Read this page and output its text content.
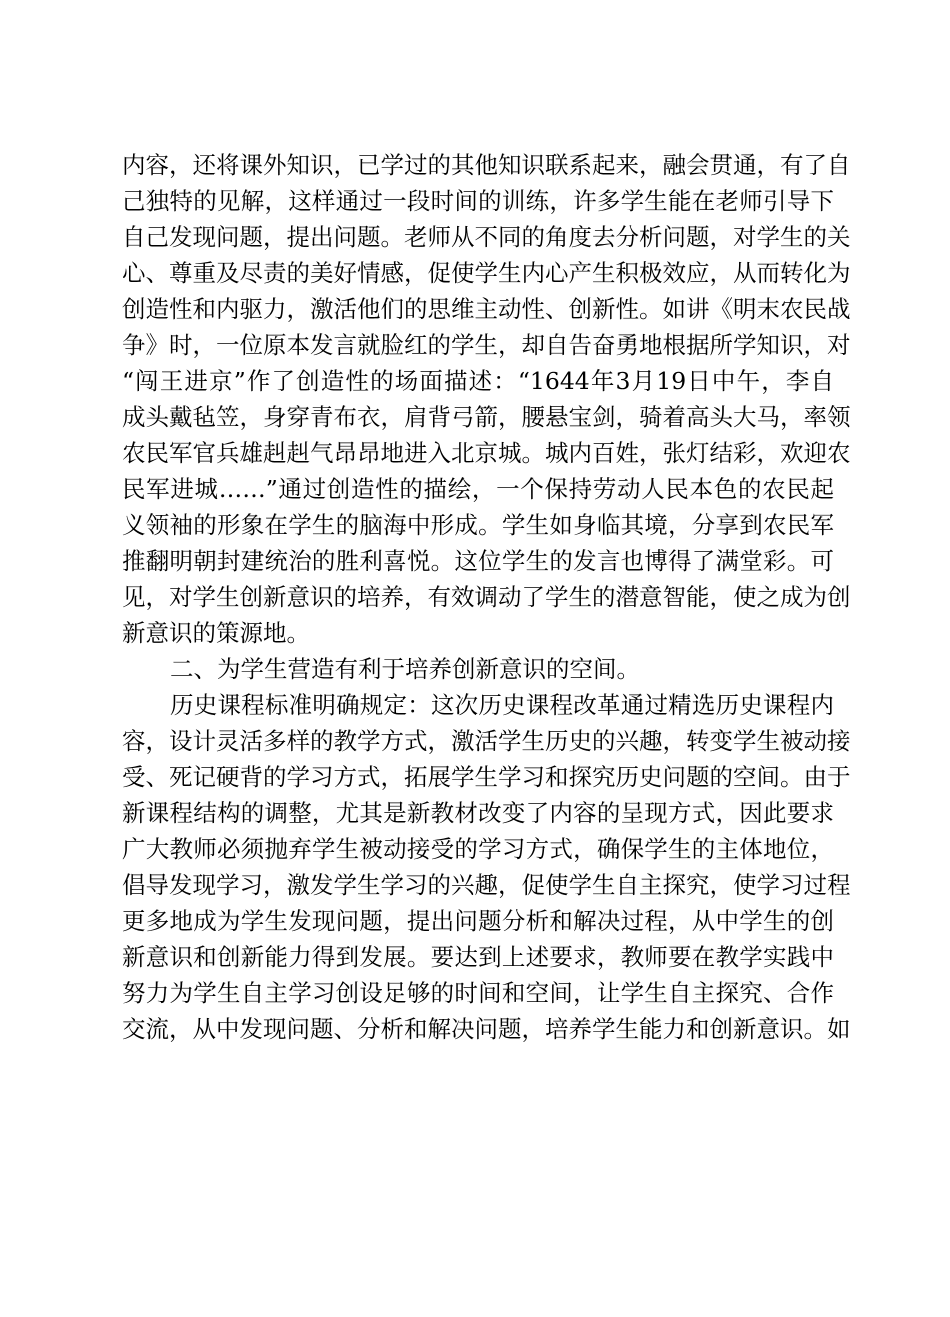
内容，还将课外知识，已学过的其他知识联系起来，融会贯通，有了自
己独特的见解，这样通过一段时间的训练，许多学生能在老师引导下
自己发现问题，提出问题。老师从不同的角度去分析问题，对学生的关
心、尊重及尽责的美好情感，促使学生内心产生积极效应，从而转化为
创造性和内驱力，激活他们的思维主动性、创新性。如讲《明末农民战
争》时，一位原本发言就脸红的学生，却自告奋勇地根据所学知识，对
“闯王进京”作了创造性的场面描述：“1644年3月19日中午，李自
成头戴毡笠，身穿青布衣，肩背弓箭，腰悬宝剑，骑着高头大马，率领
农民军官兵雄赳赳气昂昂地进入北京城。城内百姓，张灯结彩，欢迎农
民军进城……”通过创造性的描绘，一个保持劳动人民本色的农民起
义领袖的形象在学生的脑海中形成。学生如身临其境，分享到农民军
推翻明朝封建统治的胜利喜悦。这位学生的发言也博得了满堂彩。可
见，对学生创新意识的培养，有效调动了学生的潜意智能，使之成为创
新意识的策源地。
二、为学生营造有利于培养创新意识的空间。
历史课程标准明确规定：这次历史课程改革通过精选历史课程内
容，设计灵活多样的教学方式，激活学生历史的兴趣，转变学生被动接
受、死记硬背的学习方式，拓展学生学习和探究历史问题的空间。由于
新课程结构的调整，尤其是新教材改变了内容的呈现方式，因此要求
广大教师必须抛弃学生被动接受的学习方式，确保学生的主体地位，
倡导发现学习，激发学生学习的兴趣，促使学生自主探究，使学习过程
更多地成为学生发现问题，提出问题分析和解决过程，从中学生的创
新意识和创新能力得到发展。要达到上述要求，教师要在教学实践中
努力为学生自主学习创设足够的时间和空间，让学生自主探究、合作
交流，从中发现问题、分析和解决问题，培养学生能力和创新意识。如
